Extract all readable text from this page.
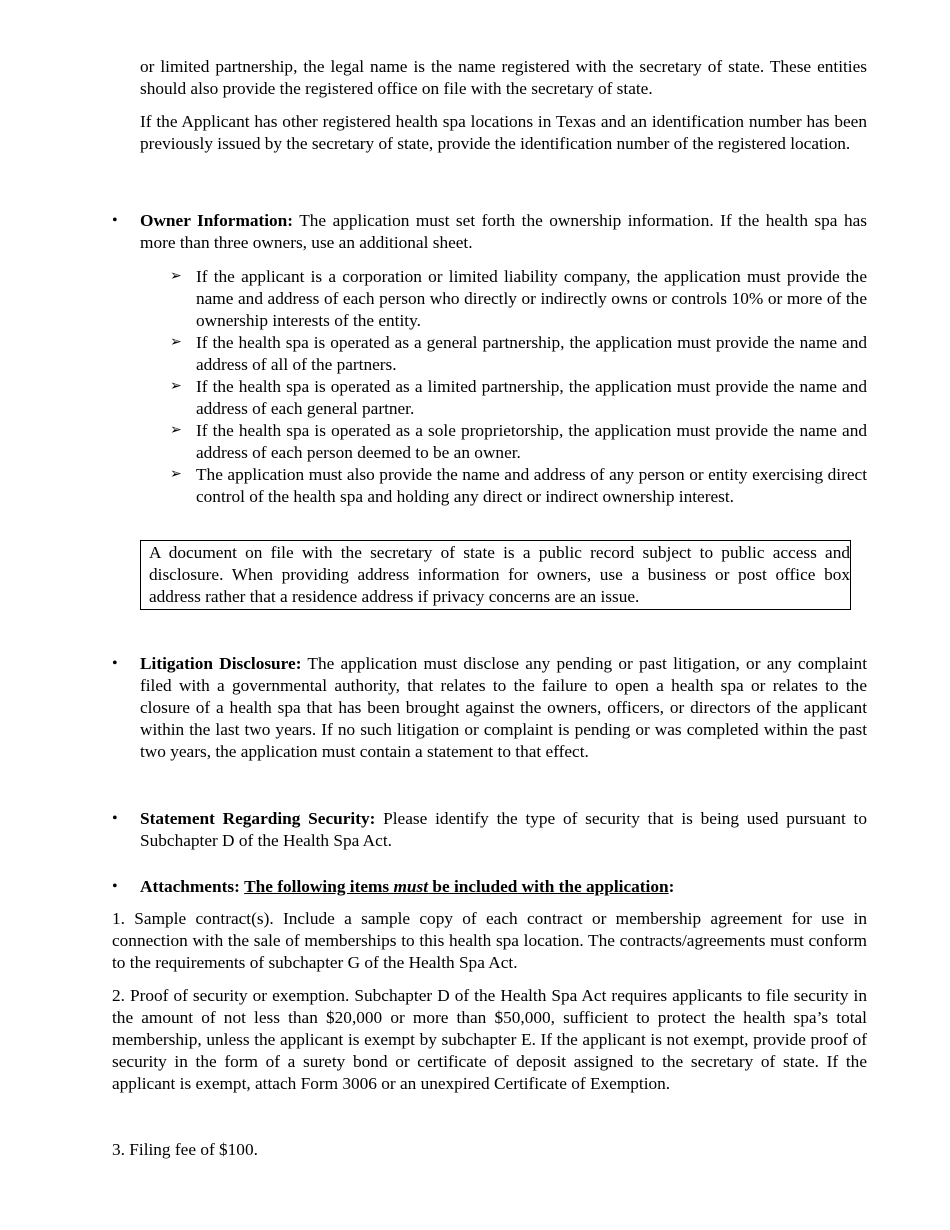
or limited partnership, the legal name is the name registered with the secretary of state. These entities should also provide the registered office on file with the secretary of state.

If the Applicant has other registered health spa locations in Texas and an identification number has been previously issued by the secretary of state, provide the identification number of the registered location.

• Owner Information: The application must set forth the ownership information. If the health spa has more than three owners, use an additional sheet.

➢ If the applicant is a corporation or limited liability company, the application must provide the name and address of each person who directly or indirectly owns or controls 10% or more of the ownership interests of the entity.

➢ If the health spa is operated as a general partnership, the application must provide the name and address of all of the partners.

➢ If the health spa is operated as a limited partnership, the application must provide the name and address of each general partner.

➢ If the health spa is operated as a sole proprietorship, the application must provide the name and address of each person deemed to be an owner.

➢ The application must also provide the name and address of any person or entity exercising direct control of the health spa and holding any direct or indirect ownership interest.

A document on file with the secretary of state is a public record subject to public access and disclosure. When providing address information for owners, use a business or post office box address rather that a residence address if privacy concerns are an issue.
• Litigation Disclosure: The application must disclose any pending or past litigation, or any complaint filed with a governmental authority, that relates to the failure to open a health spa or relates to the closure of a health spa that has been brought against the owners, officers, or directors of the applicant within the last two years. If no such litigation or complaint is pending or was completed within the past two years, the application must contain a statement to that effect.

• Statement Regarding Security: Please identify the type of security that is being used pursuant to Subchapter D of the Health Spa Act.

• Attachments: The following items must be included with the application:

1. Sample contract(s). Include a sample copy of each contract or membership agreement for use in connection with the sale of memberships to this health spa location. The contracts/agreements must conform to the requirements of subchapter G of the Health Spa Act.

2. Proof of security or exemption. Subchapter D of the Health Spa Act requires applicants to file security in the amount of not less than $20,000 or more than $50,000, sufficient to protect the health spa’s total membership, unless the applicant is exempt by subchapter E. If the applicant is not exempt, provide proof of security in the form of a surety bond or certificate of deposit assigned to the secretary of state. If the applicant is exempt, attach Form 3006 or an unexpired Certificate of Exemption.

3. Filing fee of $100.
